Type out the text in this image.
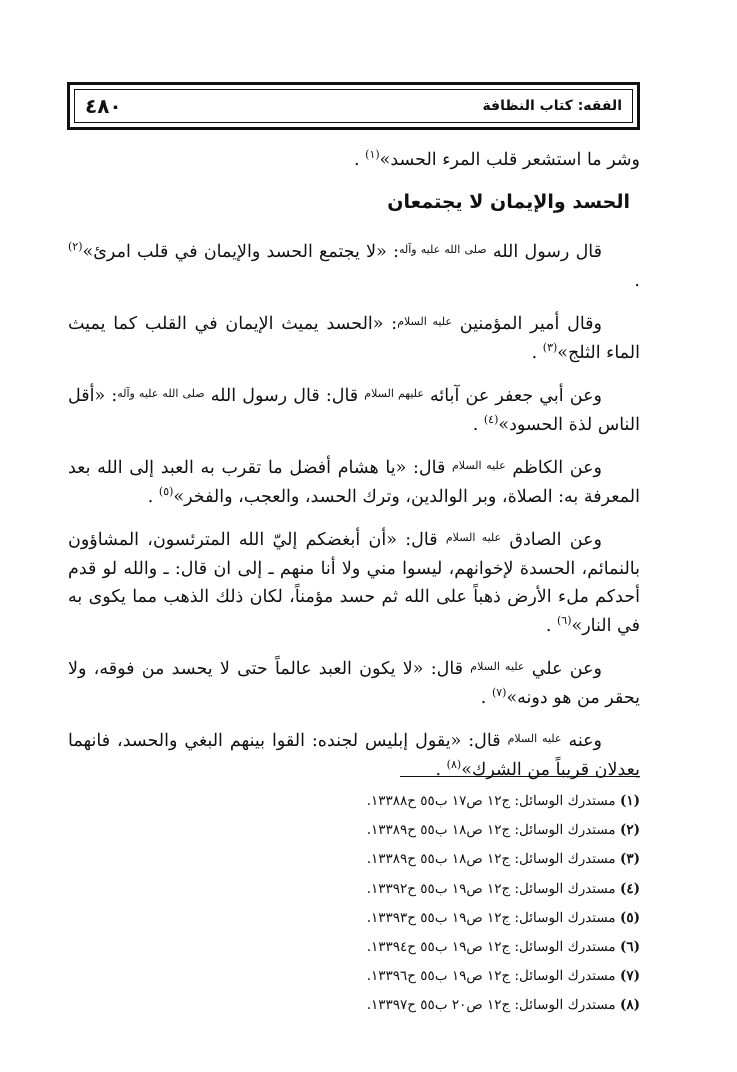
٤٨٠	الفقه: كتاب النظافة

وشر ما استشعر قلب المرء الحسد»$^{(١)}$ .

الحسد والإيمان لا يجتمعان

قال رسول الله $^{صلى الله عليه وآله}$: «لا يجتمع الحسد والإيمان في قلب امرئ»$^{(٢)}$ .

وقال أمير المؤمنين $^{عليه السلام}$: «الحسد يميث الإيمان في القلب كما يميث الماء الثلج»$^{(٣)}$ .

وعن أبي جعفر عن آبائه $^{عليهم السلام}$ قال: قال رسول الله $^{صلى الله عليه وآله}$: «أقل الناس لذة الحسود»$^{(٤)}$ .

وعن الكاظم $^{عليه السلام}$ قال: «يا هشام أفضل ما تقرب به العبد إلى الله بعد المعرفة به: الصلاة، وبر الوالدين، وترك الحسد، والعجب، والفخر»$^{(٥)}$ .

وعن الصادق $^{عليه السلام}$ قال: «أن أبغضكم إليّ الله المترئسون، المشاؤون بالنمائم، الحسدة لإخوانهم، ليسوا مني ولا أنا منهم ـ إلى ان قال: ـ والله لو قدم أحدكم ملء الأرض ذهباً على الله ثم حسد مؤمناً، لكان ذلك الذهب مما يكوى به في النار»$^{(٦)}$ .

وعن علي $^{عليه السلام}$ قال: «لا يكون العبد عالماً حتى لا يحسد من فوقه، ولا يحقر من هو دونه»$^{(٧)}$ .

وعنه $^{عليه السلام}$ قال: «يقول إبليس لجنده: القوا بينهم البغي والحسد، فانهما يعدلان قريباً من الشرك»$^{(٨)}$ .

(١) مستدرك الوسائل: ج١٢ ص١٧ ب٥٥ ح١٣٣٨٨.
(٢) مستدرك الوسائل: ج١٢ ص١٨ ب٥٥ ح١٣٣٨٩.
(٣) مستدرك الوسائل: ج١٢ ص١٨ ب٥٥ ح١٣٣٨٩.
(٤) مستدرك الوسائل: ج١٢ ص١٩ ب٥٥ ح١٣٣٩٢.
(٥) مستدرك الوسائل: ج١٢ ص١٩ ب٥٥ ح١٣٣٩٣.
(٦) مستدرك الوسائل: ج١٢ ص١٩ ب٥٥ ح١٣٣٩٤.
(٧) مستدرك الوسائل: ج١٢ ص١٩ ب٥٥ ح١٣٣٩٦.
(٨) مستدرك الوسائل: ج١٢ ص٢٠ ب٥٥ ح١٣٣٩٧.
